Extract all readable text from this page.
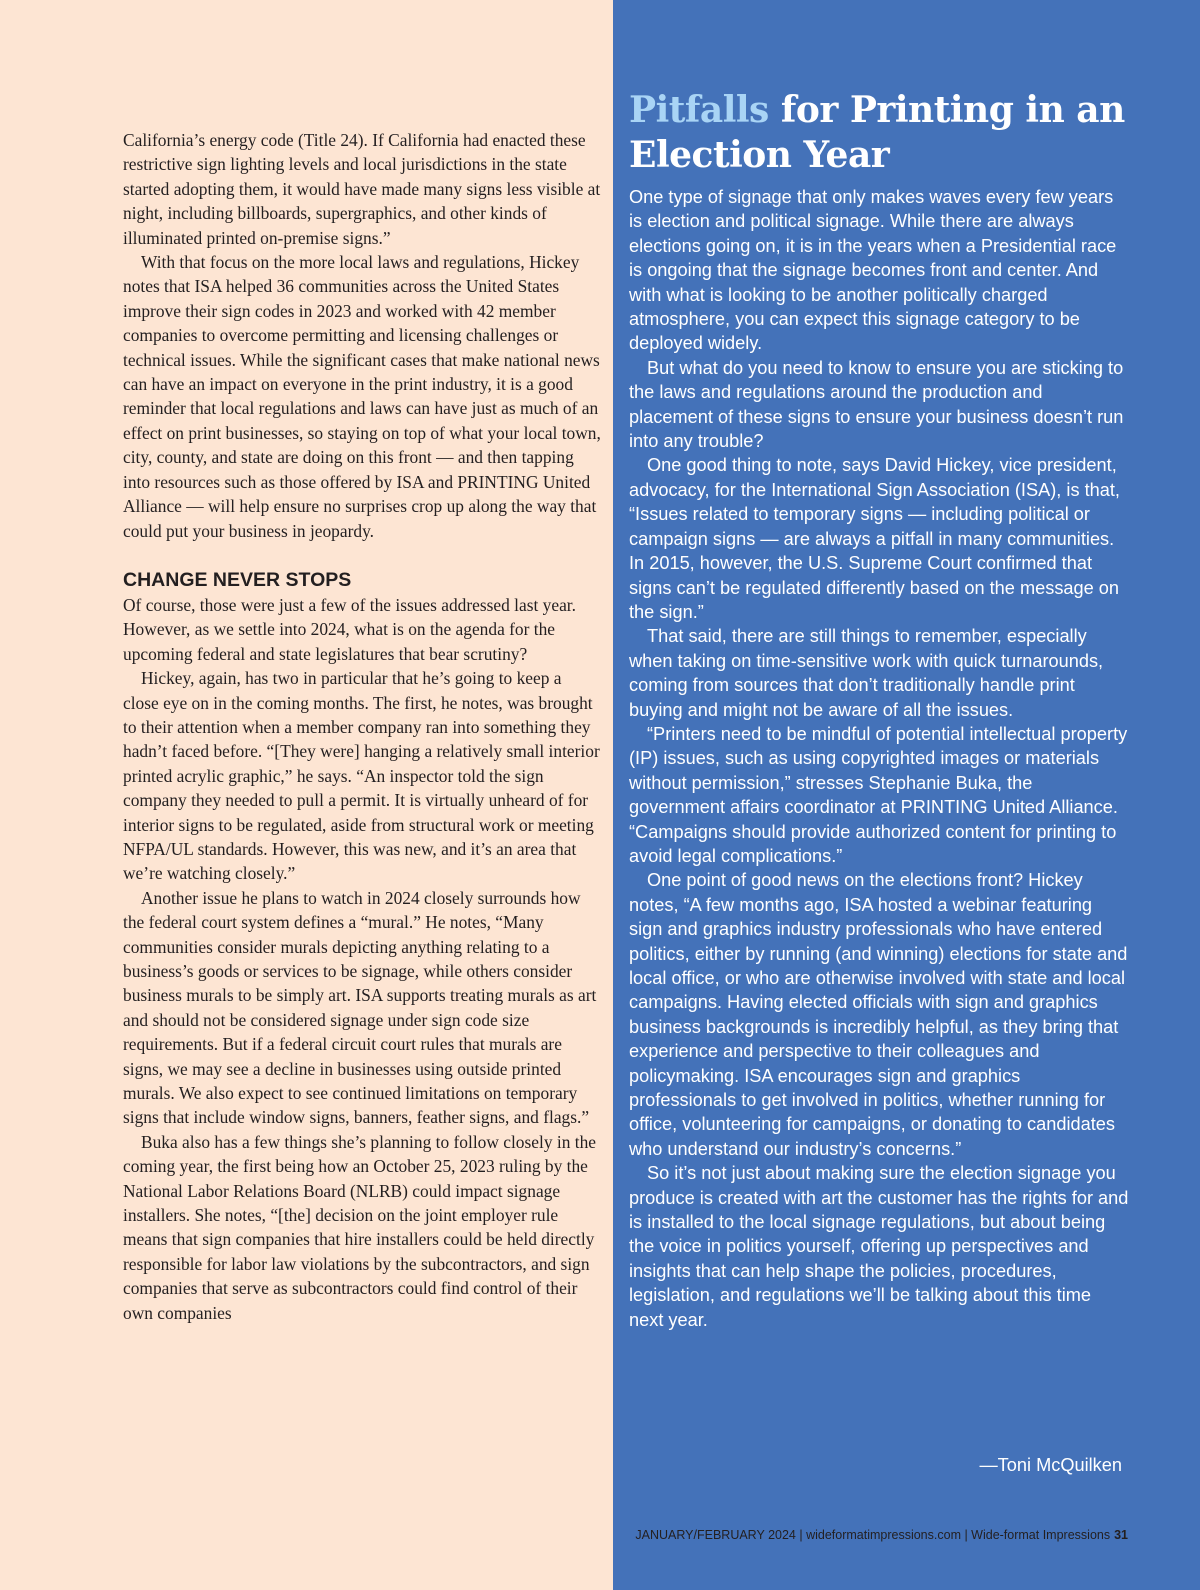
California’s energy code (Title 24). If California had enacted these restrictive sign lighting levels and local jurisdictions in the state started adopting them, it would have made many signs less visible at night, including billboards, supergraphics, and other kinds of illuminated printed on-premise signs.”

With that focus on the more local laws and regulations, Hickey notes that ISA helped 36 communities across the United States improve their sign codes in 2023 and worked with 42 member companies to overcome permitting and licensing challenges or technical issues. While the significant cases that make national news can have an impact on everyone in the print industry, it is a good reminder that local regulations and laws can have just as much of an effect on print businesses, so staying on top of what your local town, city, county, and state are doing on this front — and then tapping into resources such as those offered by ISA and PRINTING United Alliance — will help ensure no surprises crop up along the way that could put your business in jeopardy.

CHANGE NEVER STOPS

Of course, those were just a few of the issues addressed last year. However, as we settle into 2024, what is on the agenda for the upcoming federal and state legislatures that bear scrutiny?

Hickey, again, has two in particular that he’s going to keep a close eye on in the coming months. The first, he notes, was brought to their attention when a member company ran into something they hadn’t faced before. “[They were] hanging a relatively small interior printed acrylic graphic,” he says. “An inspector told the sign company they needed to pull a permit. It is virtually unheard of for interior signs to be regulated, aside from structural work or meeting NFPA/UL standards. However, this was new, and it’s an area that we’re watching closely.”

Another issue he plans to watch in 2024 closely surrounds how the federal court system defines a “mural.” He notes, “Many communities consider murals depicting anything relating to a business’s goods or services to be signage, while others consider business murals to be simply art. ISA supports treating murals as art and should not be considered signage under sign code size requirements. But if a federal circuit court rules that murals are signs, we may see a decline in businesses using outside printed murals. We also expect to see continued limitations on temporary signs that include window signs, banners, feather signs, and flags.”

Buka also has a few things she’s planning to follow closely in the coming year, the first being how an October 25, 2023 ruling by the National Labor Relations Board (NLRB) could impact signage installers. She notes, “[the] decision on the joint employer rule means that sign companies that hire installers could be held directly responsible for labor law violations by the subcontractors, and sign companies that serve as subcontractors could find control of their own companies

Pitfalls for Printing in an Election Year

One type of signage that only makes waves every few years is election and political signage. While there are always elections going on, it is in the years when a Presidential race is ongoing that the signage becomes front and center. And with what is looking to be another politically charged atmosphere, you can expect this signage category to be deployed widely.

But what do you need to know to ensure you are sticking to the laws and regulations around the production and placement of these signs to ensure your business doesn’t run into any trouble?

One good thing to note, says David Hickey, vice president, advocacy, for the International Sign Association (ISA), is that, “Issues related to temporary signs — including political or campaign signs — are always a pitfall in many communities. In 2015, however, the U.S. Supreme Court confirmed that signs can’t be regulated differently based on the message on the sign.”

That said, there are still things to remember, especially when taking on time-sensitive work with quick turnarounds, coming from sources that don’t traditionally handle print buying and might not be aware of all the issues.

“Printers need to be mindful of potential intellectual property (IP) issues, such as using copyrighted images or materials without permission,” stresses Stephanie Buka, the government affairs coordinator at PRINTING United Alliance. “Campaigns should provide authorized content for printing to avoid legal complications.”

One point of good news on the elections front? Hickey notes, “A few months ago, ISA hosted a webinar featuring sign and graphics industry professionals who have entered politics, either by running (and winning) elections for state and local office, or who are otherwise involved with state and local campaigns. Having elected officials with sign and graphics business backgrounds is incredibly helpful, as they bring that experience and perspective to their colleagues and policymaking. ISA encourages sign and graphics professionals to get involved in politics, whether running for office, volunteering for campaigns, or donating to candidates who understand our industry’s concerns.”

So it’s not just about making sure the election signage you produce is created with art the customer has the rights for and is installed to the local signage regulations, but about being the voice in politics yourself, offering up perspectives and insights that can help shape the policies, procedures, legislation, and regulations we’ll be talking about this time next year.

—Toni McQuilken
JANUARY/FEBRUARY 2024 | wideformatimpressions.com | Wide-format Impressions 31
